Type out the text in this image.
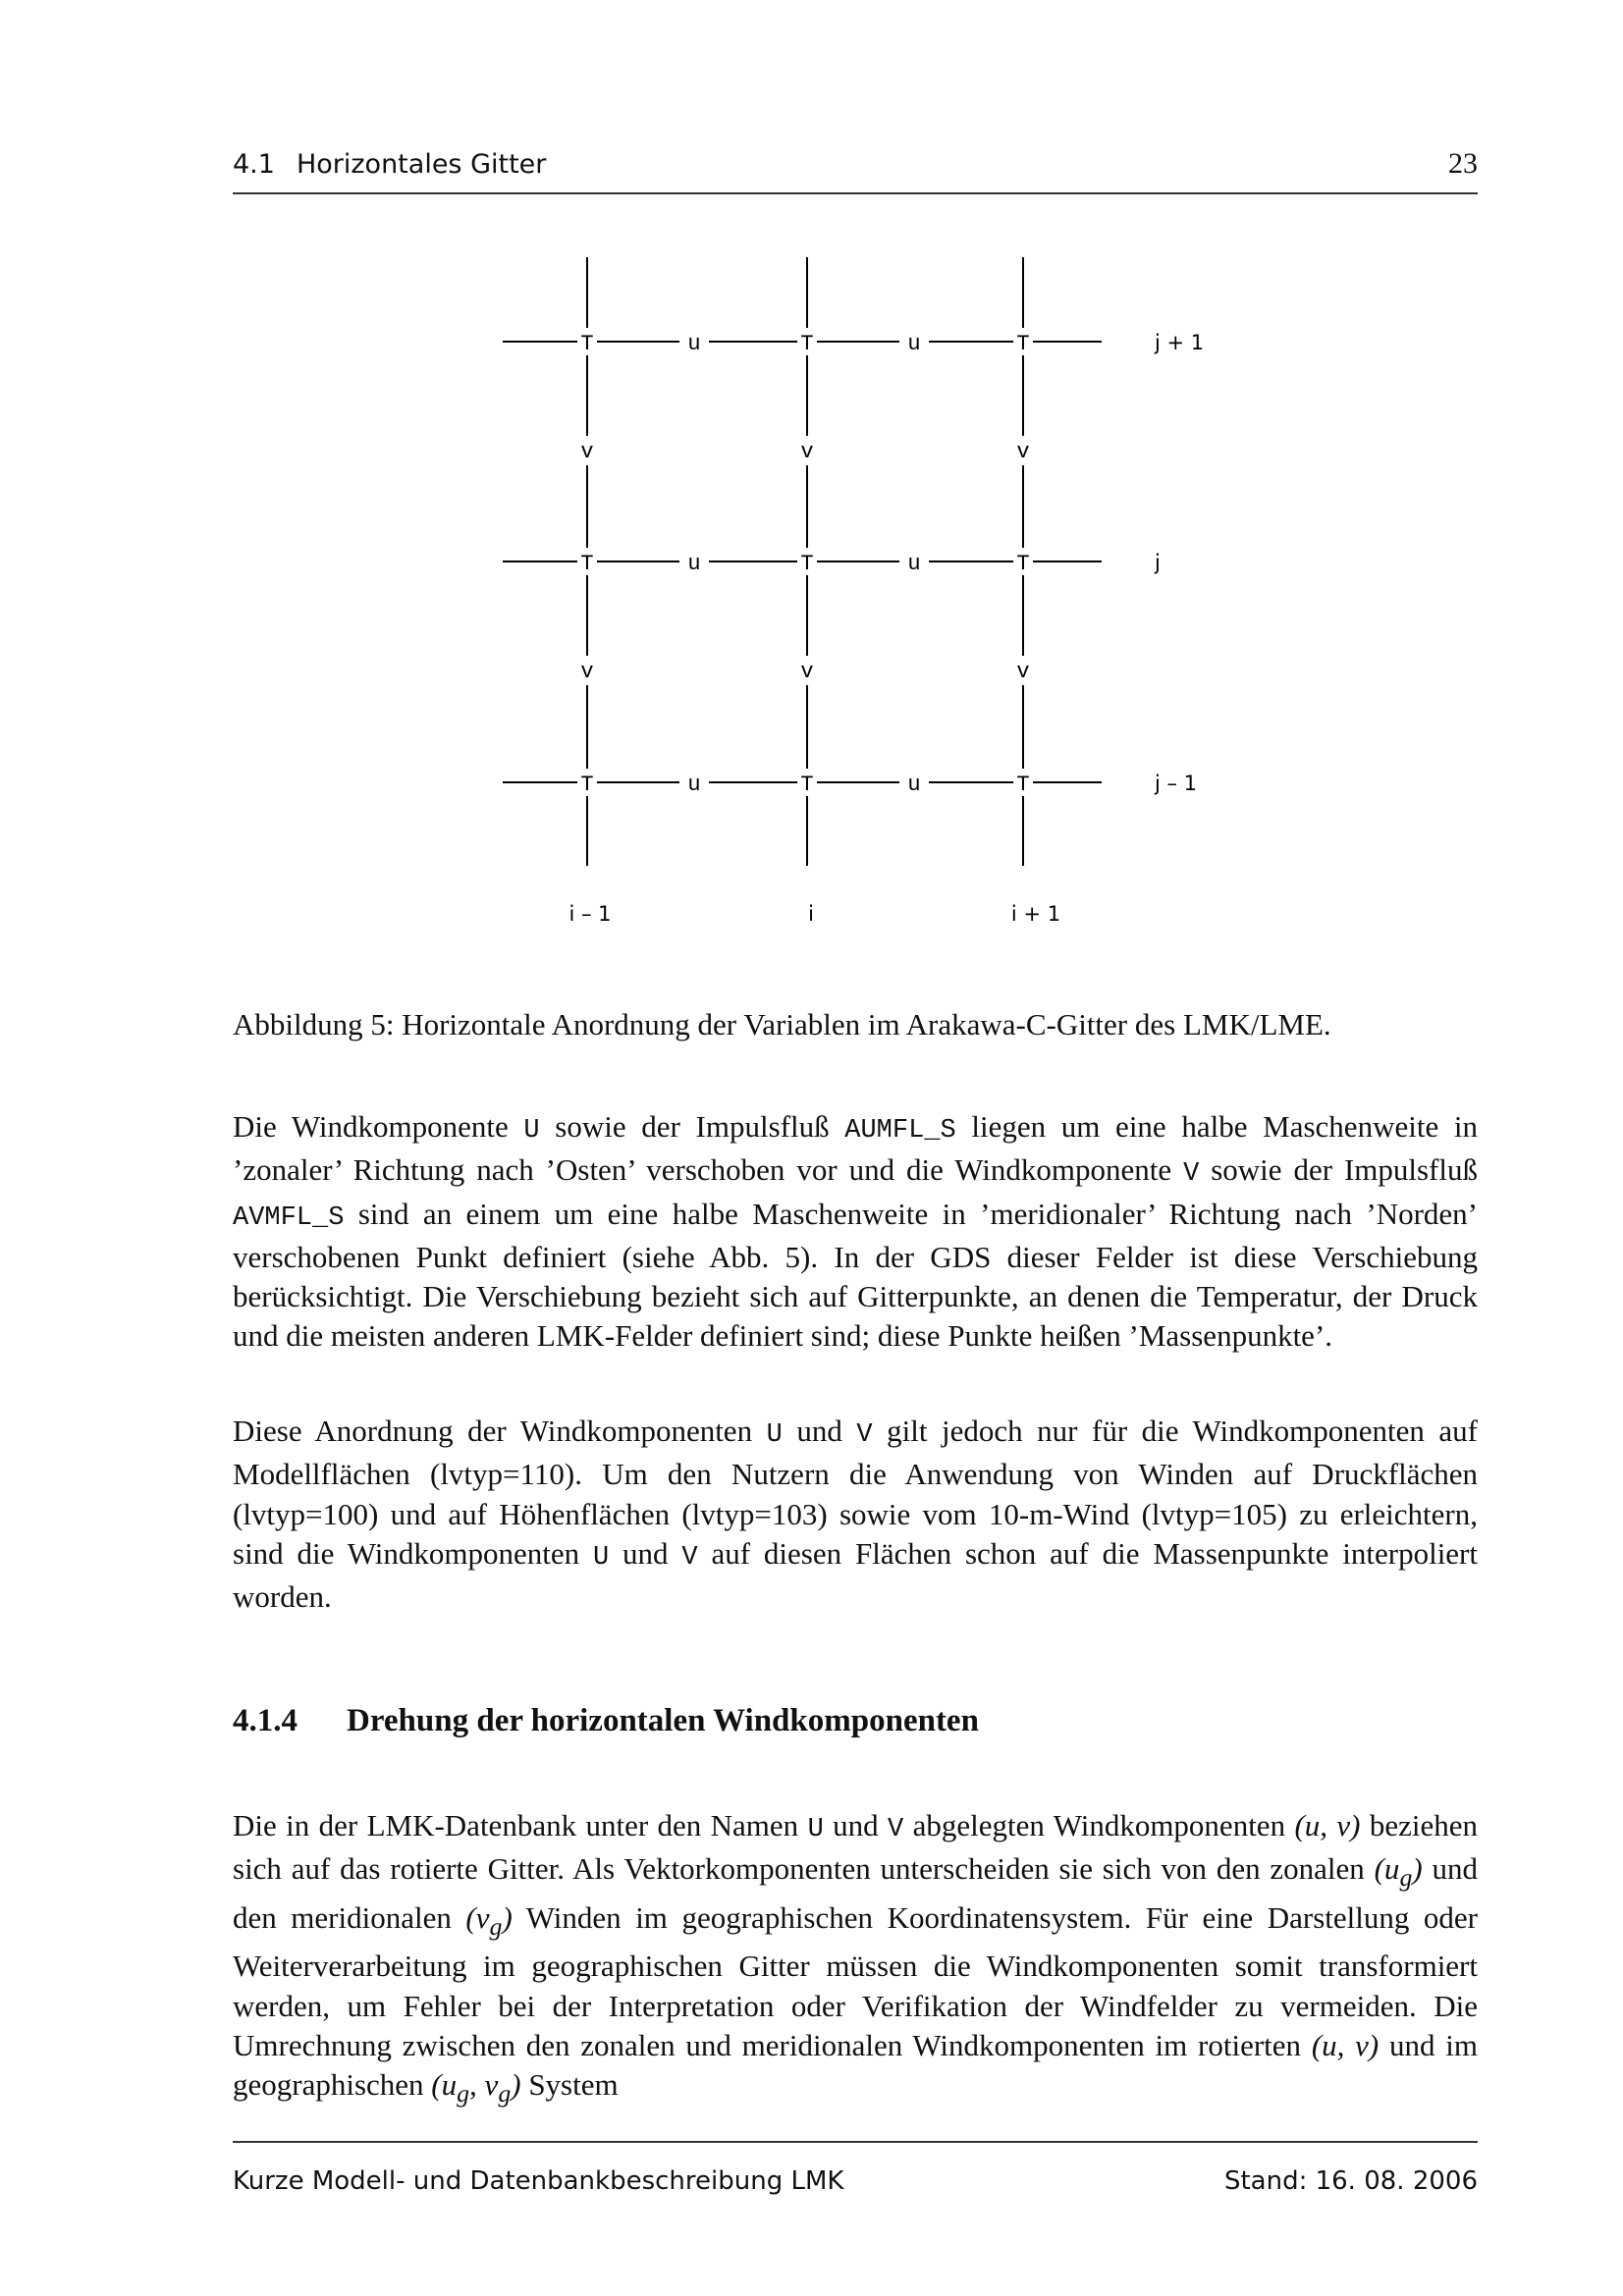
4.1 Horizontales Gitter	23
T	T	T
T	T	T
T	T	T
u	u
u	u
u	u
v	v	v
v	v	v
j + 1
j
j – 1
i – 1	i	i + 1
Abbildung 5: Horizontale Anordnung der Variablen im Arakawa-C-Gitter des LMK/LME.
Die Windkomponente U sowie der Impulsfluß AUMFL_S liegen um eine halbe Maschenweite in ’zonaler’ Richtung nach ’Osten’ verschoben vor und die Windkomponente V sowie der Impulsfluß AVMFL_S sind an einem um eine halbe Maschenweite in ’meridionaler’ Richtung nach ’Norden’ verschobenen Punkt definiert (siehe Abb. 5). In der GDS dieser Felder ist diese Verschiebung berücksichtigt. Die Verschiebung bezieht sich auf Gitterpunkte, an denen die Temperatur, der Druck und die meisten anderen LMK-Felder definiert sind; diese Punkte heißen ’Massenpunkte’.
Diese Anordnung der Windkomponenten U und V gilt jedoch nur für die Windkomponenten auf Modellflächen (lvtyp=110). Um den Nutzern die Anwendung von Winden auf Druckflächen (lvtyp=100) und auf Höhenflächen (lvtyp=103) sowie vom 10-m-Wind (lvtyp=105) zu erleichtern, sind die Windkomponenten U und V auf diesen Flächen schon auf die Massenpunkte interpoliert worden.
4.1.4 Drehung der horizontalen Windkomponenten
Die in der LMK-Datenbank unter den Namen U und V abgelegten Windkomponenten (u, v) beziehen sich auf das rotierte Gitter. Als Vektorkomponenten unterscheiden sie sich von den zonalen $(u_g)$ und den meridionalen $(v_g)$ Winden im geographischen Koordinatensystem. Für eine Darstellung oder Weiterverarbeitung im geographischen Gitter müssen die Windkomponenten somit transformiert werden, um Fehler bei der Interpretation oder Verifikation der Windfelder zu vermeiden. Die Umrechnung zwischen den zonalen und meridionalen Windkomponenten im rotierten (u, v) und im geographischen ($u_g$, $v_g$) System
Kurze Modell- und Datenbankbeschreibung LMK	Stand: 16. 08. 2006
